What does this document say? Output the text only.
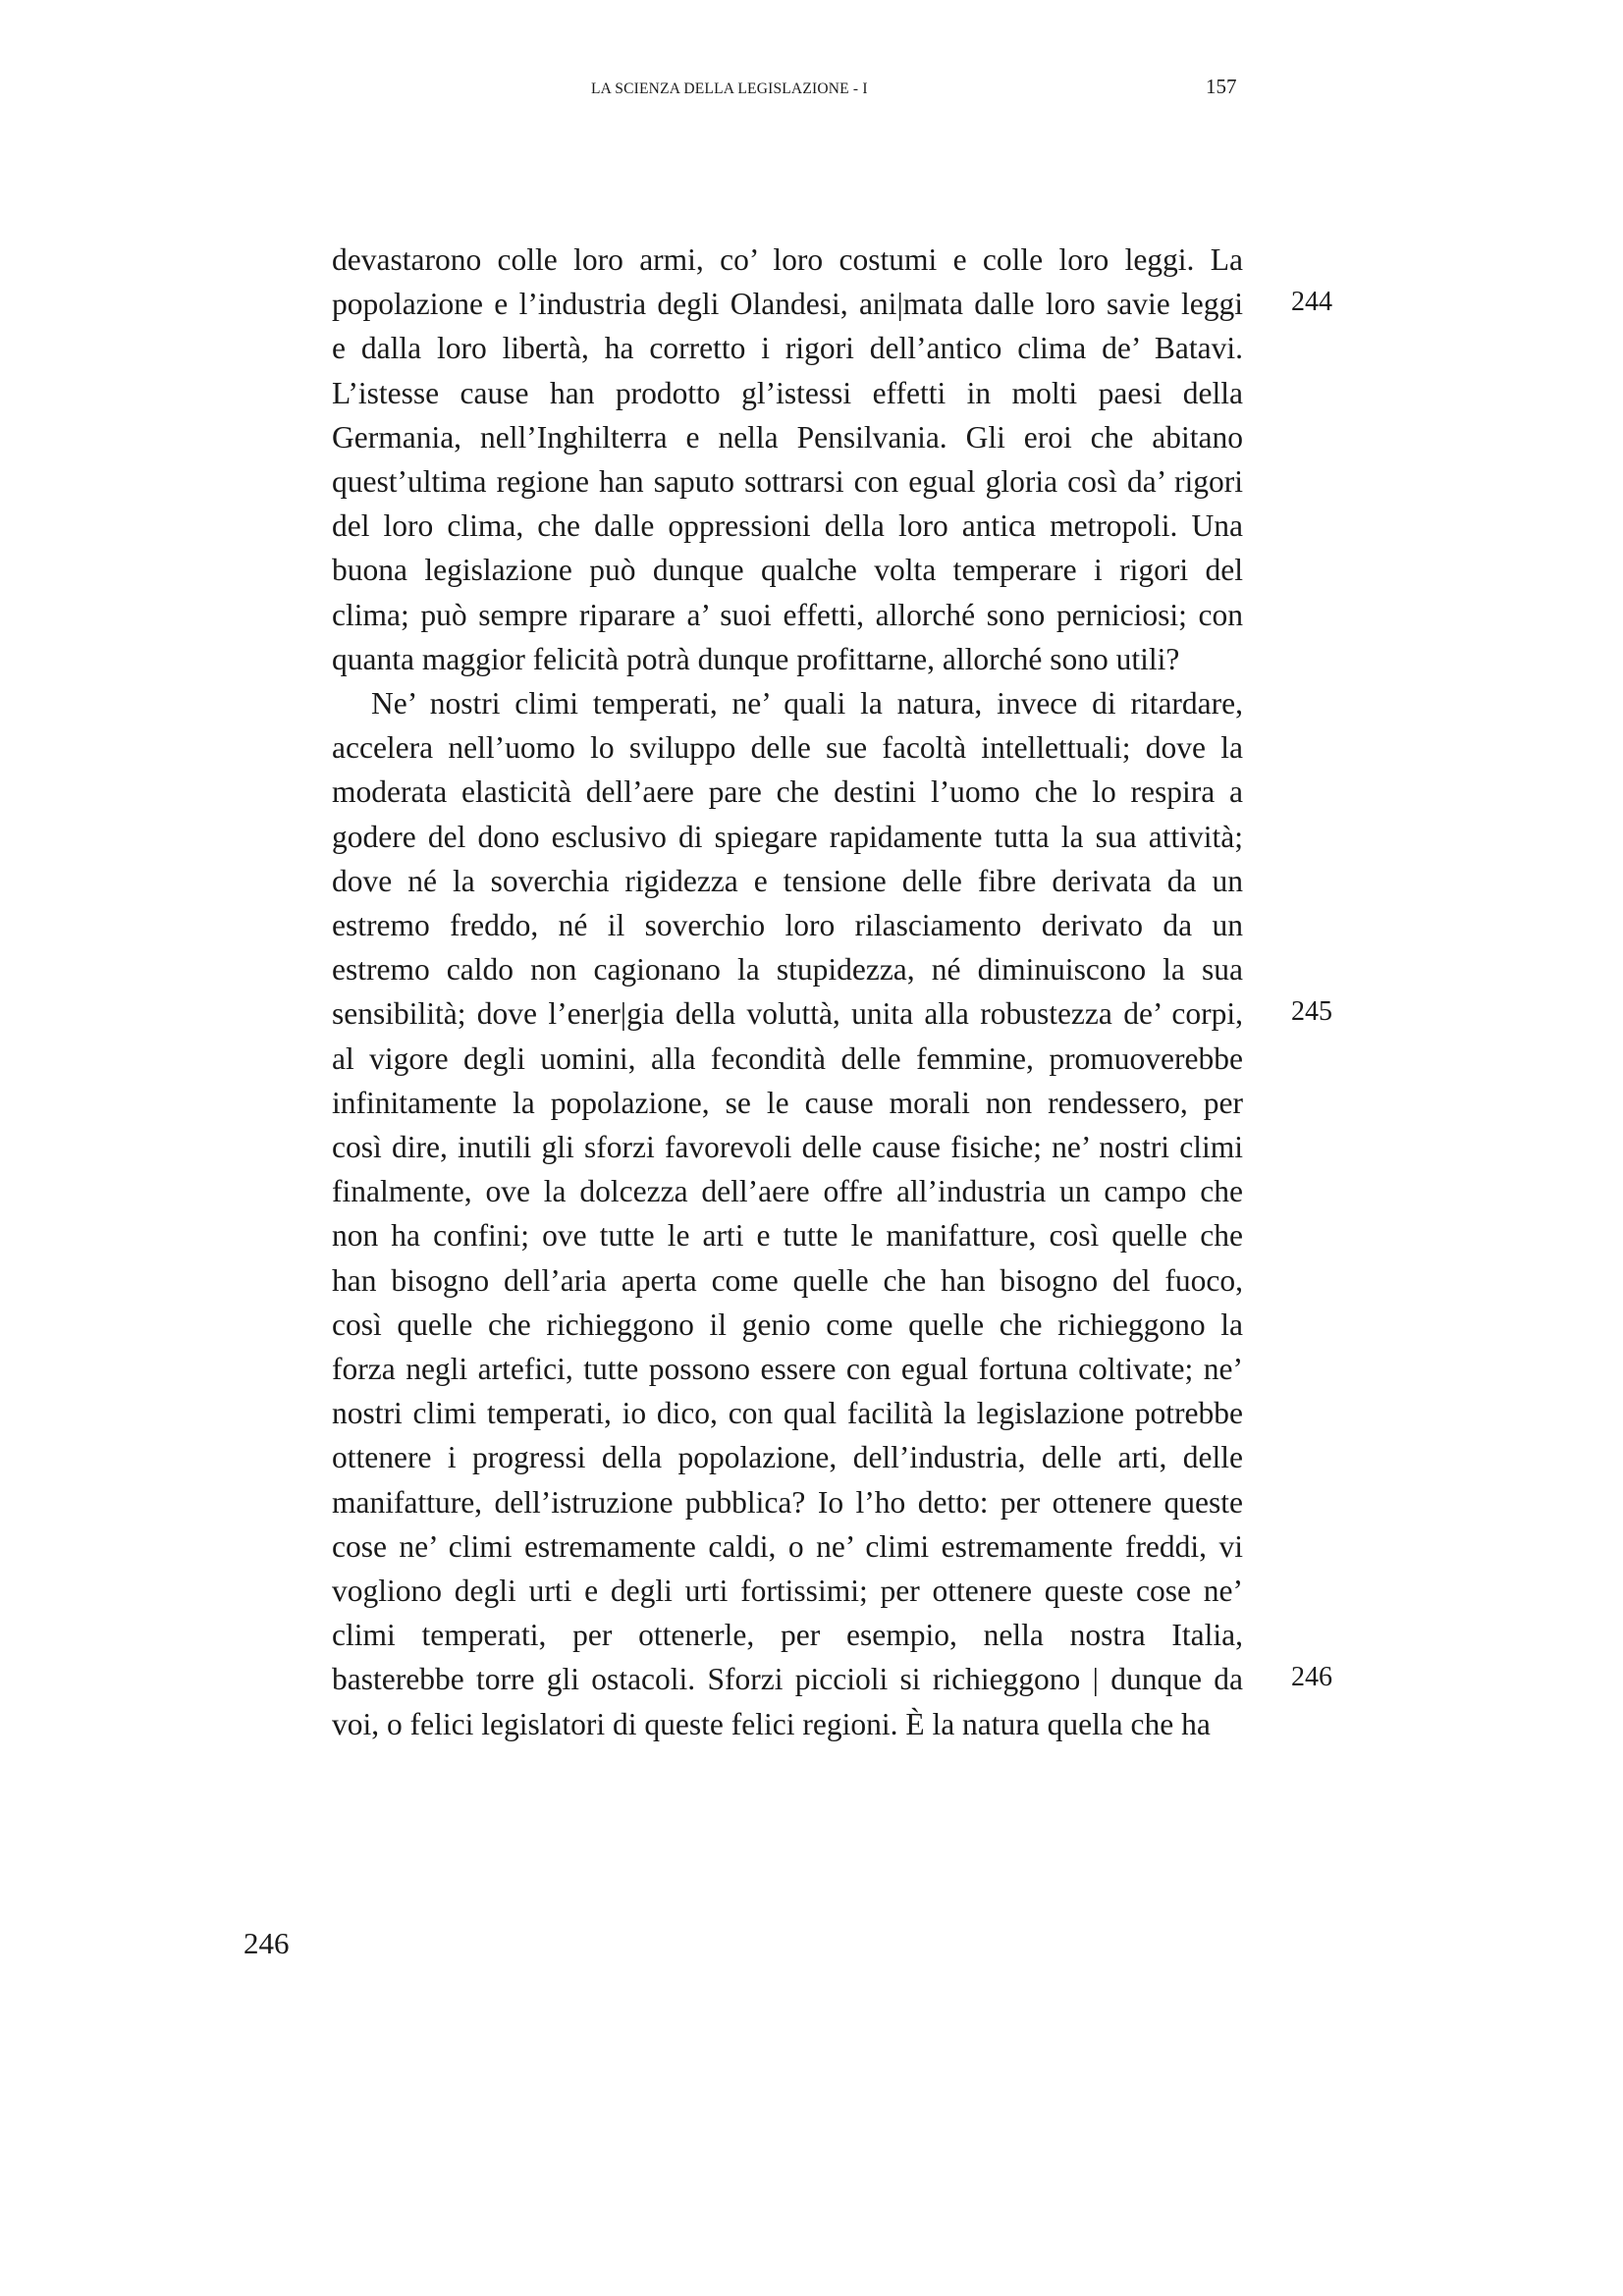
LA SCIENZA DELLA LEGISLAZIONE - I	157
devastarono colle loro armi, co’ loro costumi e colle loro leggi. La
popolazione e l’industria degli Olandesi, ani|mata dalle loro savie leggi
e dalla loro libertà, ha corretto i rigori dell’antico clima de’ Batavi.
L’istesse cause han prodotto gl’istessi effetti in molti paesi della
Germania, nell’Inghilterra e nella Pensilvania. Gli eroi che abitano
quest’ultima regione han saputo sottrarsi con egual gloria così da’ rigori
del loro clima, che dalle oppressioni della loro antica metropoli. Una
buona legislazione può dunque qualche volta temperare i rigori del
clima; può sempre riparare a’ suoi effetti, allorché sono perniciosi; con
quanta maggior felicità potrà dunque profittarne, allorché sono utili?
Ne’ nostri climi temperati, ne’ quali la natura, invece di ritardare,
accelera nell’uomo lo sviluppo delle sue facoltà intellettuali; dove la
moderata elasticità dell’aere pare che destini l’uomo che lo respira a
godere del dono esclusivo di spiegare rapidamente tutta la sua attività;
dove né la soverchia rigidezza e tensione delle fibre derivata da un
estremo freddo, né il soverchio loro rilasciamento derivato da un
estremo caldo non cagionano la stupidezza, né diminuiscono la sua
sensibilità; dove l’ener|gia della voluttà, unita alla robustezza de’ corpi,
al vigore degli uomini, alla fecondità delle femmine, promuoverebbe
infinitamente la popolazione, se le cause morali non rendessero, per
così dire, inutili gli sforzi favorevoli delle cause fisiche; ne’ nostri climi
finalmente, ove la dolcezza dell’aere offre all’industria un campo che
non ha confini; ove tutte le arti e tutte le manifatture, così quelle che
han bisogno dell’aria aperta come quelle che han bisogno del fuoco,
così quelle che richieggono il genio come quelle che richieggono la
forza negli artefici, tutte possono essere con egual fortuna coltivate; ne’
nostri climi temperati, io dico, con qual facilità la legislazione potrebbe
ottenere i progressi della popolazione, dell’industria, delle arti, delle
manifatture, dell’istruzione pubblica? Io l’ho detto: per ottenere queste
cose ne’ climi estremamente caldi, o ne’ climi estremamente freddi, vi
vogliono degli urti e degli urti fortissimi; per ottenere queste cose ne’
climi temperati, per ottenerle, per esempio, nella nostra Italia,
basterebbe torre gli ostacoli. Sforzi piccioli si richieggono | dunque da
voi, o felici legislatori di queste felici regioni. È la natura quella che ha
244
245
246
246
